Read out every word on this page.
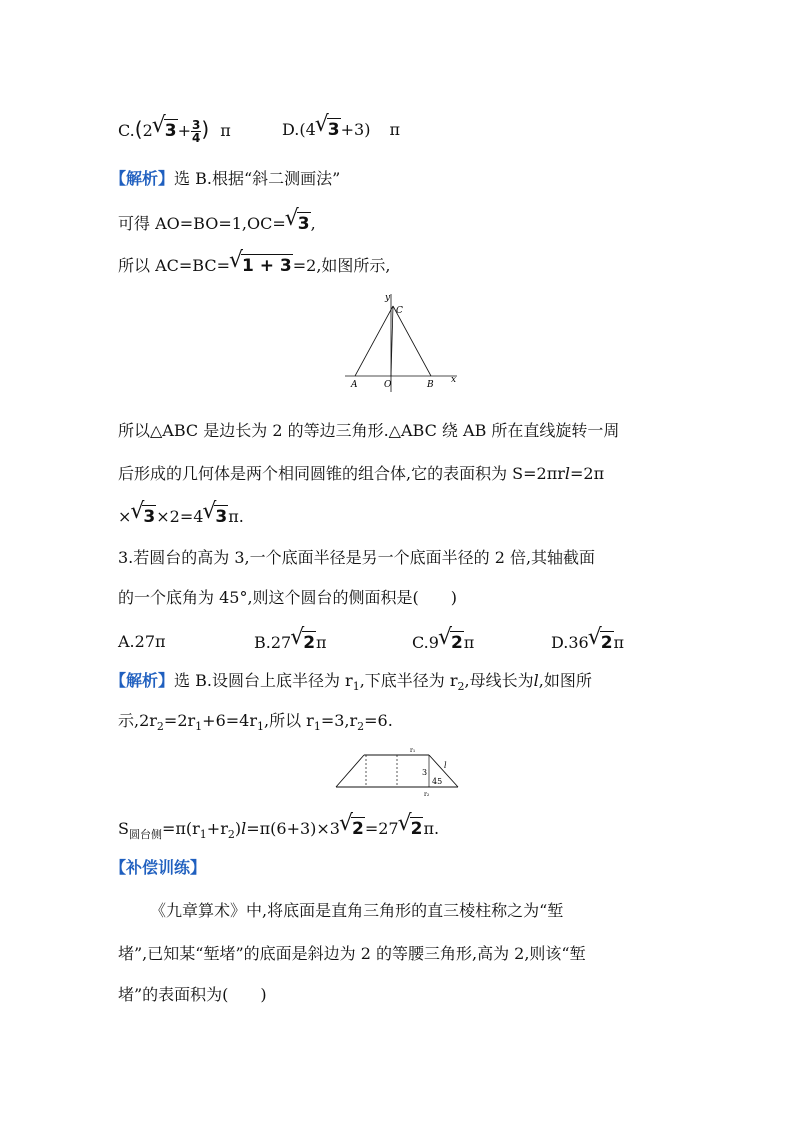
C.(2√ $3+ \frac{3}{4}$ ) π	D.(4√ 3+3) π
【解析】选 B.根据“斜二测画法”
可得 AO=BO=1,OC=√ 3,
所以 AC=BC=√ 1 + 3=2,如图所示,
y
C
A	O	B x
所以△ABC 是边长为 2 的等边三角形.△ABC 绕 AB 所在直线旋转一周
后形成的几何体是两个相同圆锥的组合体,它的表面积为 S=2πrl=2π
×√ 3×2=4√ 3π.
3.若圆台的高为 3,一个底面半径是另一个底面半径的 2 倍,其轴截面
的一个底角为 45°,则这个圆台的侧面积是(　　)
A.27π	B.27√ 2π	C.9√ 2π	D.36√ 2π
【解析】选 B.设圆台上底半径为 $r_1$,下底半径为 $r_2$,母线长为l,如图所
示$,2r_2=2r_1+6=4r_1$,所以 $r_1=3,r_2=6$.
r₁
3
l
45
r₂
$S_{圆台侧}=\pi(r_1+r_2)l=\pi(6+3)\times 3√$ 2=27√ 2π.
【补偿训练】
《九章算术》中,将底面是直角三角形的直三棱柱称之为“堑
堵”,已知某“堑堵”的底面是斜边为 2 的等腰三角形,高为 2,则该“堑
堵”的表面积为(　　)
